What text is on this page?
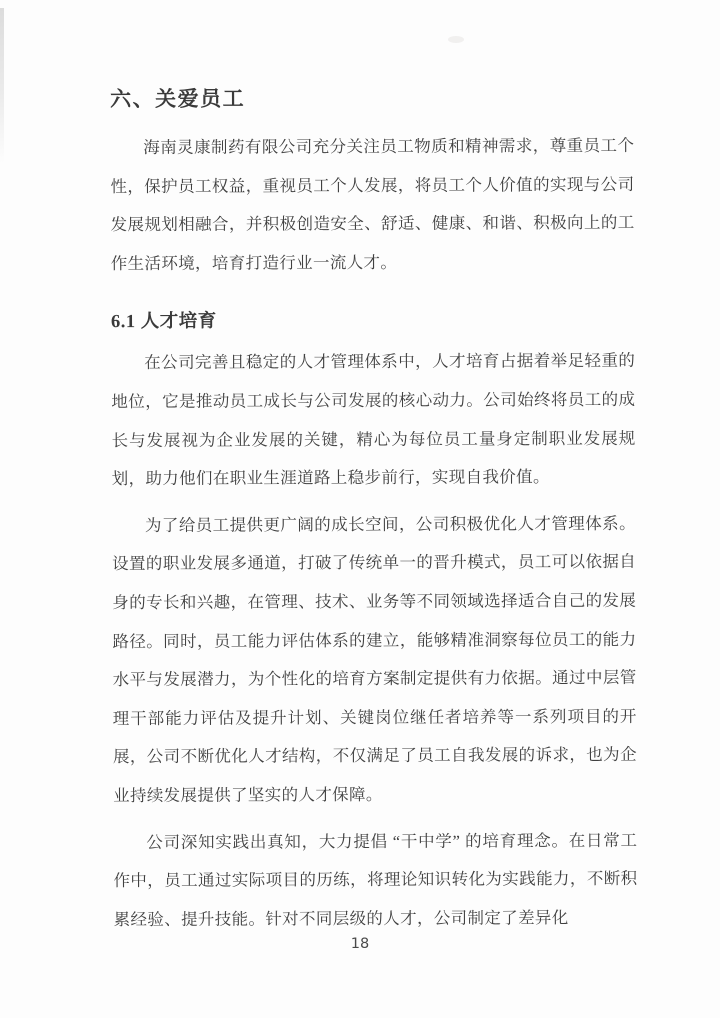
六、关爱员工

海南灵康制药有限公司充分关注员工物质和精神需求，尊重员工个性，保护员工权益，重视员工个人发展，将员工个人价值的实现与公司发展规划相融合，并积极创造安全、舒适、健康、和谐、积极向上的工作生活环境，培育打造行业一流人才。

6.1 人才培育

在公司完善且稳定的人才管理体系中，人才培育占据着举足轻重的地位，它是推动员工成长与公司发展的核心动力。公司始终将员工的成长与发展视为企业发展的关键，精心为每位员工量身定制职业发展规划，助力他们在职业生涯道路上稳步前行，实现自我价值。

为了给员工提供更广阔的成长空间，公司积极优化人才管理体系。设置的职业发展多通道，打破了传统单一的晋升模式，员工可以依据自身的专长和兴趣，在管理、技术、业务等不同领域选择适合自己的发展路径。同时，员工能力评估体系的建立，能够精准洞察每位员工的能力水平与发展潜力，为个性化的培育方案制定提供有力依据。通过中层管理干部能力评估及提升计划、关键岗位继任者培养等一系列项目的开展，公司不断优化人才结构，不仅满足了员工自我发展的诉求，也为企业持续发展提供了坚实的人才保障。

公司深知实践出真知，大力提倡 “干中学” 的培育理念。在日常工作中，员工通过实际项目的历练，将理论知识转化为实践能力，不断积累经验、提升技能。针对不同层级的人才，公司制定了差异化

18
